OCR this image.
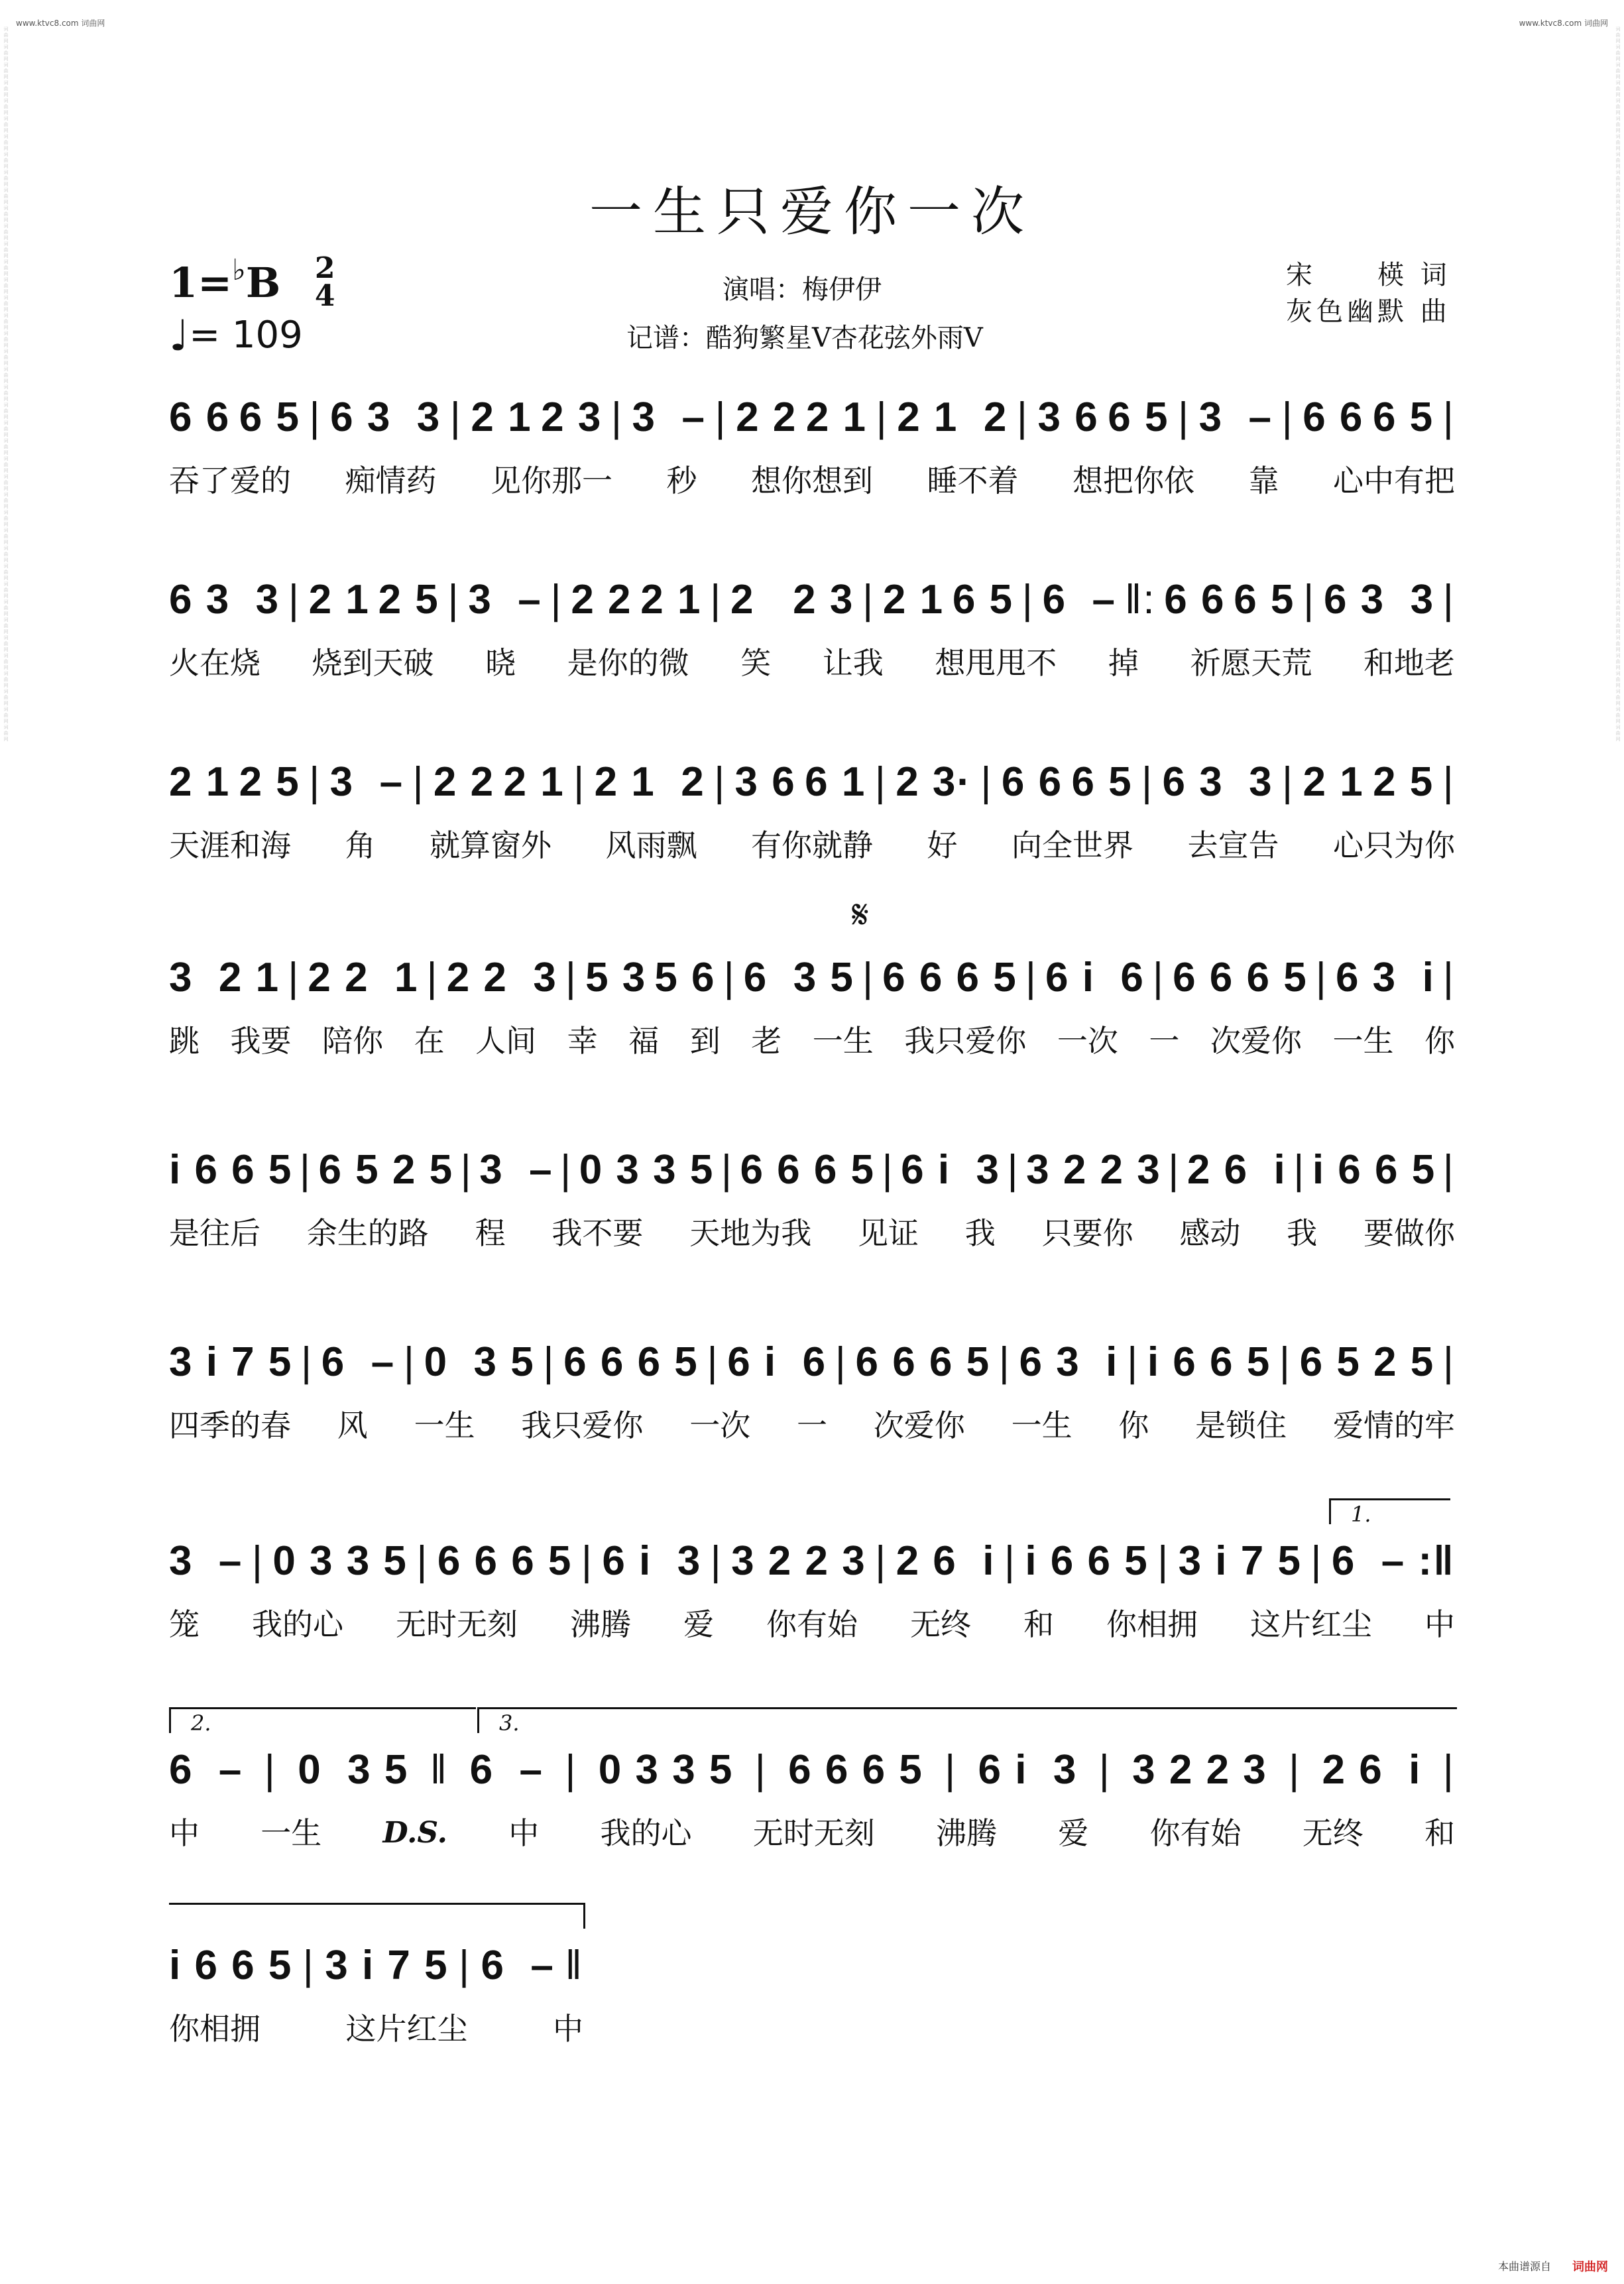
词曲网词曲网词曲网词曲网词曲网词曲网词曲网词曲网词曲网词曲网词曲网词曲网词曲网词曲网词曲网词曲网词曲网词曲网词曲网词曲网词曲网词曲网词曲网词曲网词曲网词曲网词曲网词曲网词曲网词曲网词曲网词曲网词曲网词曲网词曲网词曲网词曲网词曲网词曲网词曲网	词曲网词曲网词曲网词曲网词曲网词曲网词曲网词曲网词曲网词曲网词曲网词曲网词曲网词曲网词曲网词曲网词曲网词曲网词曲网词曲网词曲网词曲网词曲网词曲网词曲网词曲网词曲网词曲网词曲网词曲网词曲网词曲网词曲网词曲网词曲网词曲网词曲网词曲网词曲网词曲网
www.ktvc8.com 词曲网	www.ktvc8.com 词曲网
一生只爱你一次
1=♭B 2
4
♩= 109
演唱：梅伊伊
记谱：酷狗繁星V杏花弦外雨V
宋　　楧 词
灰色幽默 曲
6 6 6 5 | 6 3  3 | 2 1 2 3 | 3  – | 2 2 2 1 | 2 1  2 | 3 6 6 5 | 3  – | 6 6 6 5 |
吞了爱的 痴情药 见你那一 秒 想你想到 睡不着 想把你依 靠 心中有把
6 3  3 | 2 1 2 5 | 3  – | 2 2 2 1 | 2   2 3 | 2 1 6 5 | 6  – ‖: 6 6 6 5 | 6 3  3 |
火在烧 烧到天破 晓 是你的微 笑 让我 想甩甩不 掉 祈愿天荒 和地老
2 1 2 5 | 3  – | 2 2 2 1 | 2 1  2 | 3 6 6 1 | 2 3· | 6 6 6 5 | 6 3  3 | 2 1 2 5 |
天涯和海 角 就算窗外 风雨飘 有你就静 好 向全世界 去宣告 心只为你
3  2 1 | 2 2  1 | 2 2  3 | 5 3 5 6 | 6  3 5 | 6 6 6 5 | 6 i  6 | 6 6 6 5 | 6 3  i |
跳 我要 陪你 在 人间 幸 福 到 老 一生 我只爱你 一次 一 次爱你 一生 你
i 6 6 5 | 6 5 2 5 | 3  – | 0 3 3 5 | 6 6 6 5 | 6 i  3 | 3 2 2 3 | 2 6  i | i 6 6 5 |
是往后 余生的路 程 我不要 天地为我 见证 我 只要你 感动 我 要做你
3 i 7 5 | 6  – | 0  3 5 | 6 6 6 5 | 6 i  6 | 6 6 6 5 | 6 3  i | i 6 6 5 | 6 5 2 5 |
四季的春 风 一生 我只爱你 一次 一 次爱你 一生 你 是锁住 爱情的牢
3  – | 0 3 3 5 | 6 6 6 5 | 6 i  3 | 3 2 2 3 | 2 6  i | i 6 6 5 | 3 i 7 5 | 6  – :‖
笼 我的心 无时无刻 沸腾 爱 你有始 无终 和 你相拥 这片红尘 中
1.
6  – | 0  3 5 ‖ 6  – | 0 3 3 5 | 6 6 6 5 | 6 i  3 | 3 2 2 3 | 2 6  i |
中 一生 D.S. 中 我的心 无时无刻 沸腾 爱 你有始 无终 和
2.	3.
i 6 6 5 | 3 i 7 5 | 6  – ‖
你相拥	这片红尘	中
𝄋
本曲谱源自 词曲网
